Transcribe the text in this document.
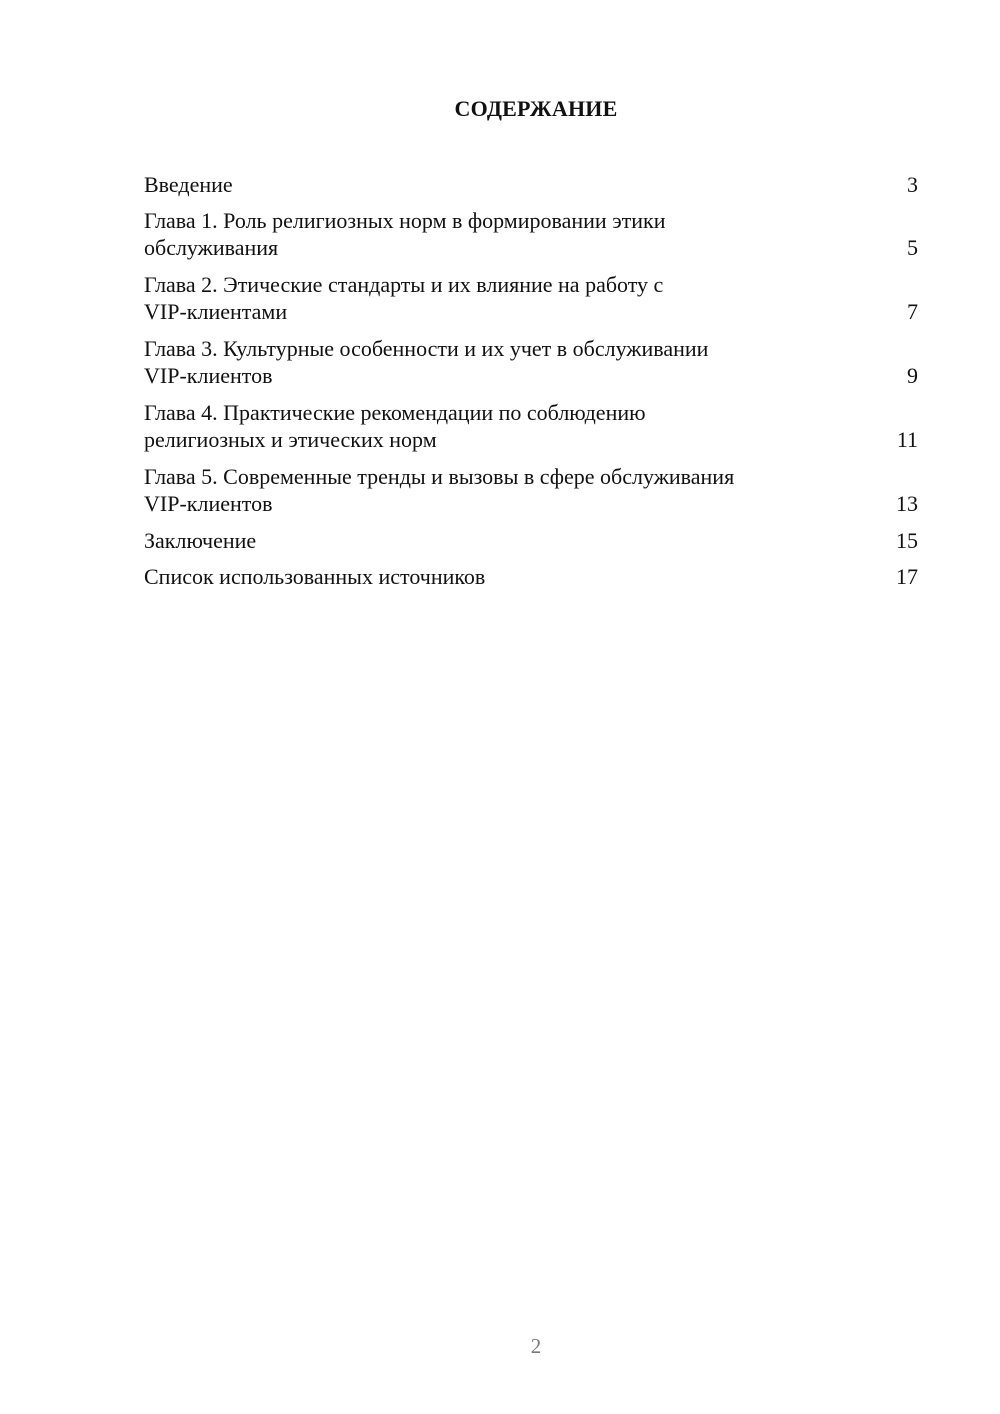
СОДЕРЖАНИЕ
Введение	3
Глава 1. Роль религиозных норм в формировании этики
обслуживания	5
Глава 2. Этические стандарты и их влияние на работу с
VIP-клиентами	7
Глава 3. Культурные особенности и их учет в обслуживании
VIP-клиентов	9
Глава 4. Практические рекомендации по соблюдению
религиозных и этических норм	11
Глава 5. Современные тренды и вызовы в сфере обслуживания
VIP-клиентов	13
Заключение	15
Список использованных источников	17
2
